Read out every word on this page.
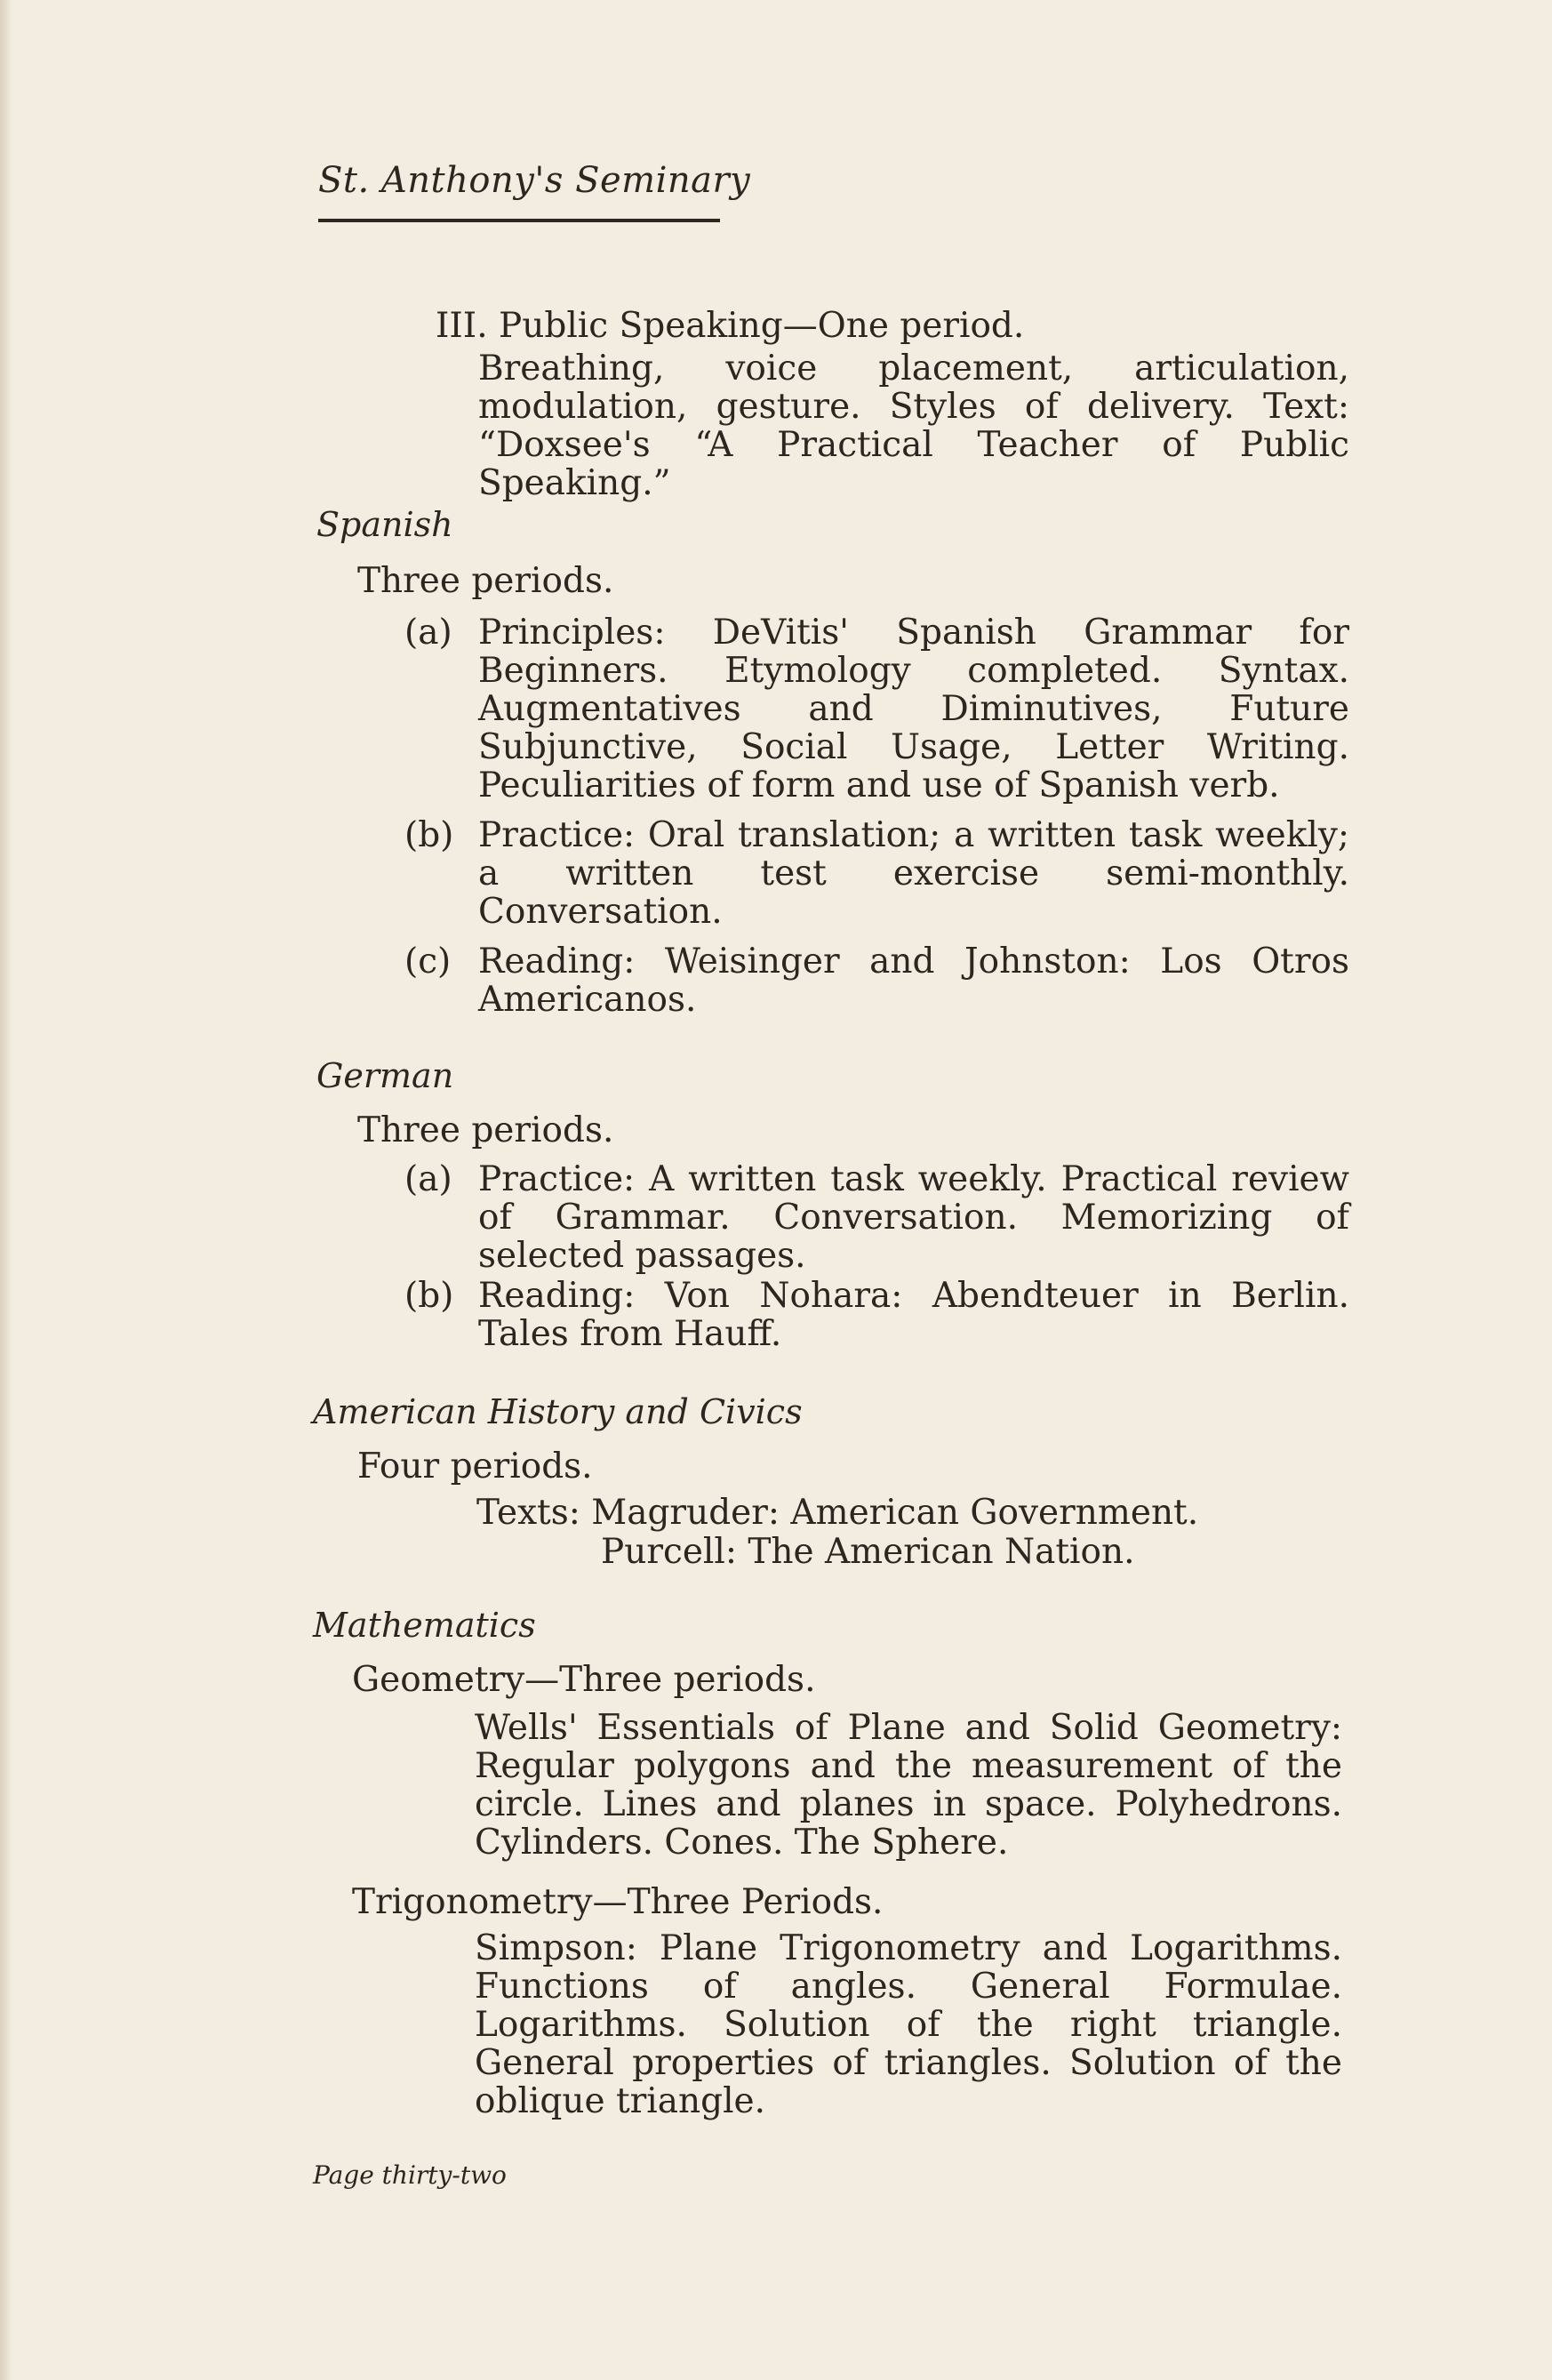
St. Anthony's Seminary
III. Public Speaking—One period.
Breathing, voice placement, articulation, modulation, gesture. Styles of delivery. Text: “Doxsee's “A Practical Teacher of Public Speaking.”
Spanish
Three periods.
(a) Principles: DeVitis' Spanish Grammar for Beginners. Etymology completed. Syntax. Augmentatives and Diminutives, Future Subjunctive, Social Usage, Letter Writing. Peculiarities of form and use of Spanish verb.
(b) Practice: Oral translation; a written task weekly; a written test exercise semi-monthly. Conversation.
(c) Reading: Weisinger and Johnston: Los Otros Americanos.
German
Three periods.
(a) Practice: A written task weekly. Practical review of Grammar. Conversation. Memorizing of selected passages.
(b) Reading: Von Nohara: Abendteuer in Berlin. Tales from Hauff.
American History and Civics
Four periods.
Texts: Magruder: American Government.
Purcell: The American Nation.
Mathematics
Geometry—Three periods.
Wells' Essentials of Plane and Solid Geometry: Regular polygons and the measurement of the circle. Lines and planes in space. Polyhedrons. Cylinders. Cones. The Sphere.
Trigonometry—Three Periods.
Simpson: Plane Trigonometry and Logarithms. Functions of angles. General Formulae. Logarithms. Solution of the right triangle. General properties of triangles. Solution of the oblique triangle.
Page thirty-two
